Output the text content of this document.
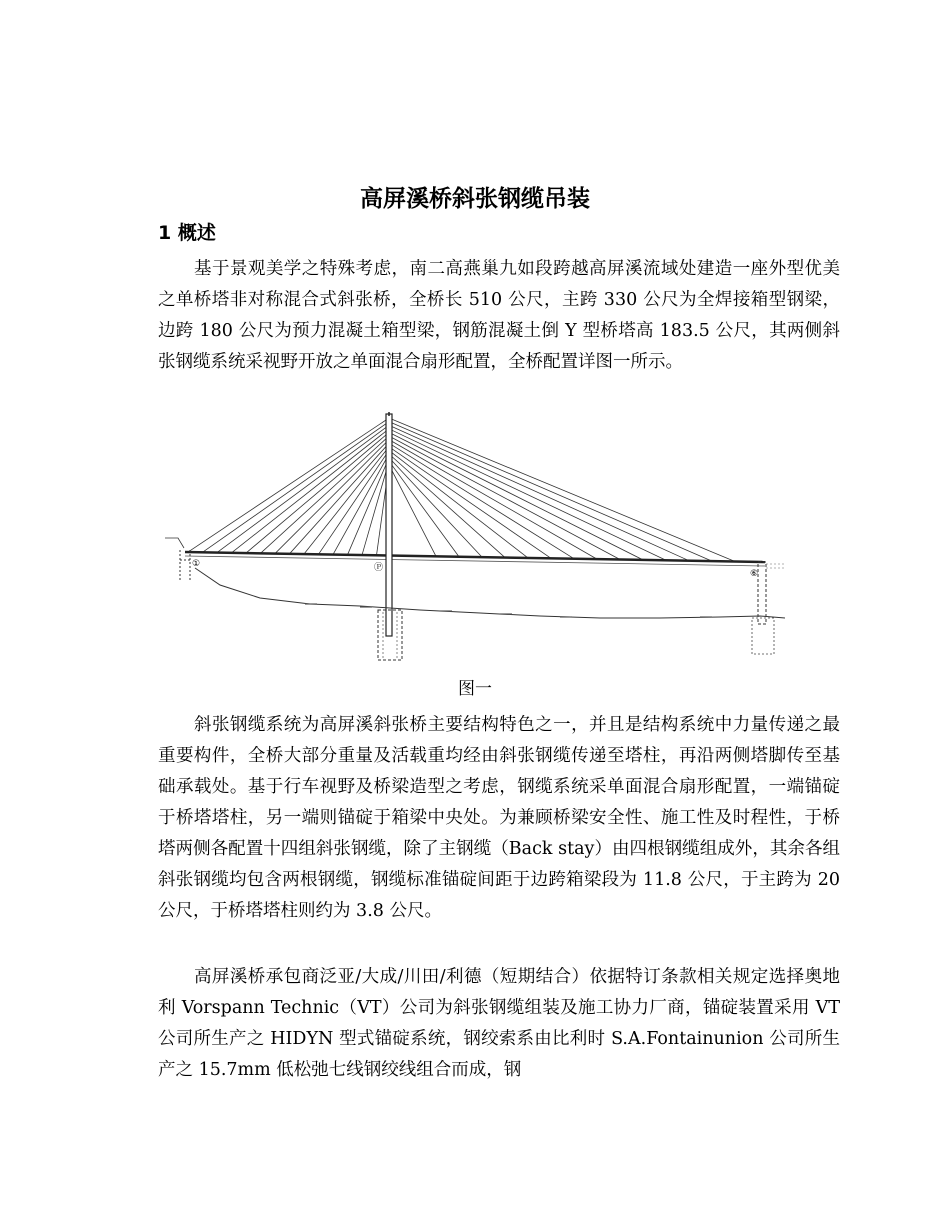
高屏溪桥斜张钢缆吊装
1 概述

基于景观美学之特殊考虑，南二高燕巢九如段跨越高屏溪流域处建造一座外型优美之单桥塔非对称混合式斜张桥，全桥长 510 公尺，主跨 330 公尺为全焊接箱型钢梁，边跨 180 公尺为预力混凝土箱型梁，钢筋混凝土倒 Y 型桥塔高 183.5 公尺，其两侧斜张钢缆系统采视野开放之单面混合扇形配置，全桥配置详图一所示。

①	Ⓟ
⑥
图一

斜张钢缆系统为高屏溪斜张桥主要结构特色之一，并且是结构系统中力量传递之最重要构件，全桥大部分重量及活载重均经由斜张钢缆传递至塔柱，再沿两侧塔脚传至基础承载处。基于行车视野及桥梁造型之考虑，钢缆系统采单面混合扇形配置，一端锚碇于桥塔塔柱，另一端则锚碇于箱梁中央处。为兼顾桥梁安全性、施工性及时程性，于桥塔两侧各配置十四组斜张钢缆，除了主钢缆（Back stay）由四根钢缆组成外，其余各组斜张钢缆均包含两根钢缆，钢缆标准锚碇间距于边跨箱梁段为 11.8 公尺，于主跨为 20 公尺，于桥塔塔柱则约为 3.8 公尺。

高屏溪桥承包商泛亚/大成/川田/利德（短期结合）依据特订条款相关规定选择奥地利 Vorspann Technic（VT）公司为斜张钢缆组装及施工协力厂商，锚碇装置采用 VT 公司所生产之 HIDYN 型式锚碇系统，钢绞索系由比利时 S.A.Fontainunion 公司所生产之 15.7mm 低松弛七线钢绞线组合而成，钢
